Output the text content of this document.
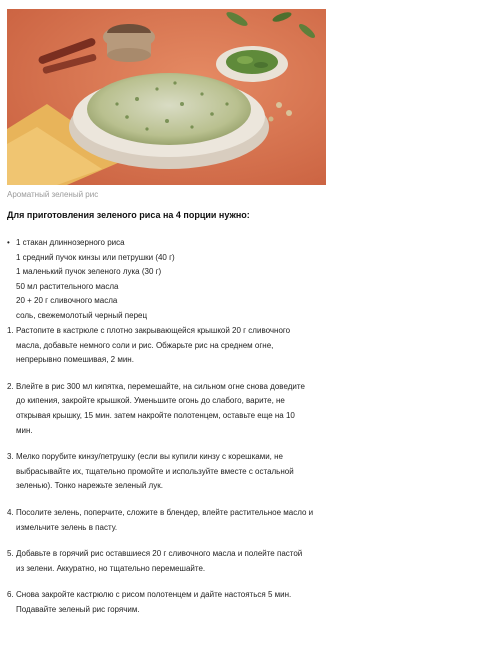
Ароматный зеленый рис
Для приготовления зеленого риса на 4 порции нужно:
• 1 стакан длиннозерного риса
1 средний пучок кинзы или петрушки (40 г)
1 маленький пучок зеленого лука (30 г)
50 мл растительного масла
20 + 20 г сливочного масла
соль, свежемолотый черный перец
1. Растопите в кастрюле с плотно закрывающейся крышкой 20 г сливочного
масла, добавьте немного соли и рис. Обжарьте рис на среднем огне,
непрерывно помешивая, 2 мин.
2. Влейте в рис 300 мл кипятка, перемешайте, на сильном огне снова доведите
до кипения, закройте крышкой. Уменьшите огонь до слабого, варите, не
открывая крышку, 15 мин. затем накройте полотенцем, оставьте еще на 10
мин.
3. Мелко порубите кинзу/петрушку (если вы купили кинзу с корешками, не
выбрасывайте их, тщательно промойте и используйте вместе с остальной
зеленью). Тонко нарежьте зеленый лук.
4. Посолите зелень, поперчите, сложите в блендер, влейте растительное масло и
измельчите зелень в пасту.
5. Добавьте в горячий рис оставшиеся 20 г сливочного масла и полейте пастой
из зелени. Аккуратно, но тщательно перемешайте.
6. Снова закройте кастрюлю с рисом полотенцем и дайте настояться 5 мин.
Подавайте зеленый рис горячим.
